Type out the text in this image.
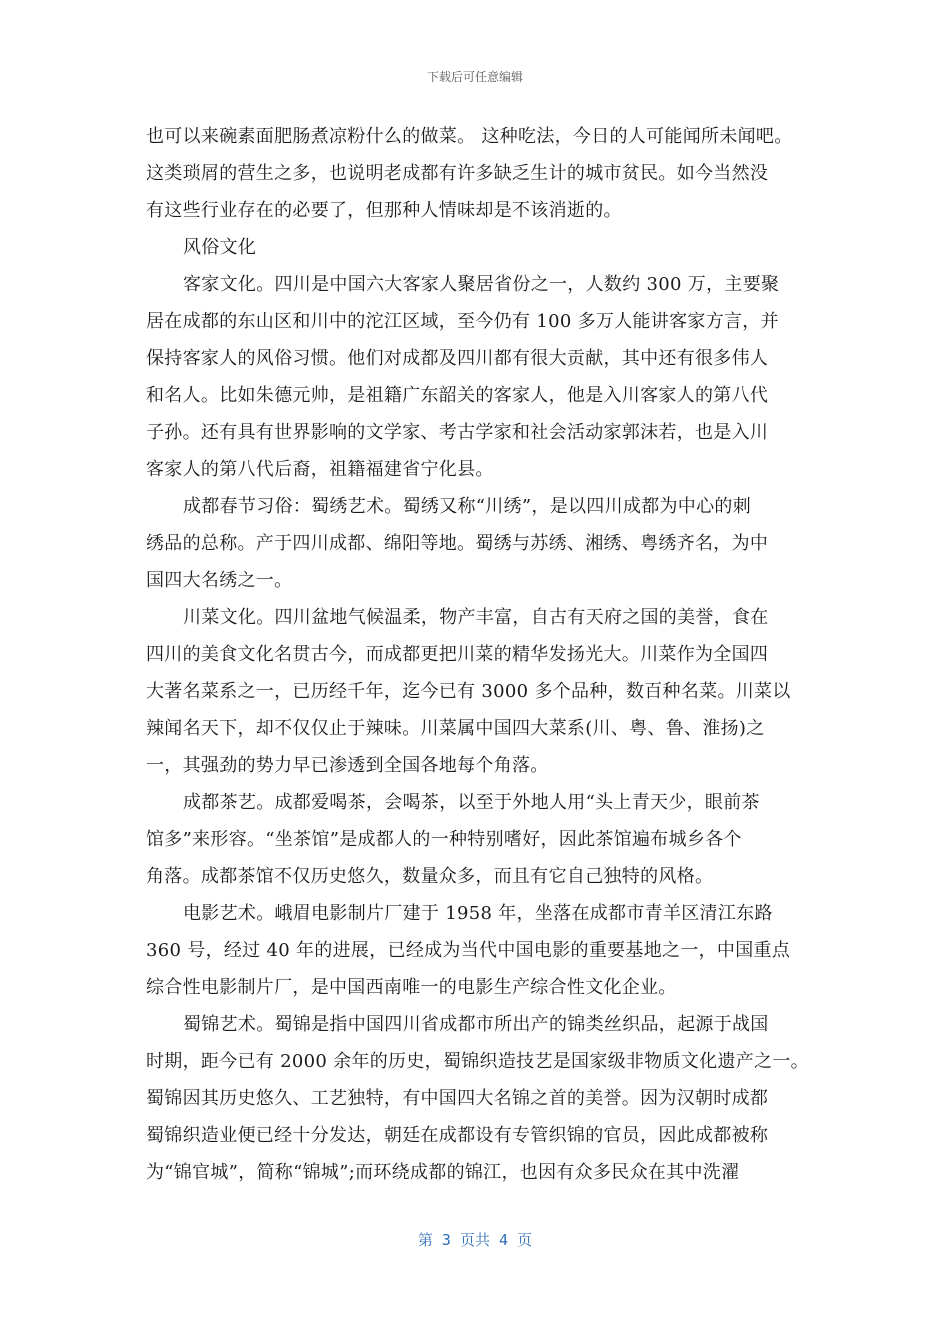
下载后可任意编辑
也可以来碗素面肥肠煮凉粉什么的做菜。 这种吃法，今日的人可能闻所未闻吧。
这类琐屑的营生之多，也说明老成都有许多缺乏生计的城市贫民。如今当然没
有这些行业存在的必要了，但那种人情味却是不该消逝的。
风俗文化
客家文化。四川是中国六大客家人聚居省份之一，人数约 300 万，主要聚
居在成都的东山区和川中的沱江区域，至今仍有 100 多万人能讲客家方言，并
保持客家人的风俗习惯。他们对成都及四川都有很大贡献，其中还有很多伟人
和名人。比如朱德元帅，是祖籍广东韶关的客家人，他是入川客家人的第八代
子孙。还有具有世界影响的文学家、考古学家和社会活动家郭沫若，也是入川
客家人的第八代后裔，祖籍福建省宁化县。
成都春节习俗：蜀绣艺术。蜀绣又称“川绣”，是以四川成都为中心的刺
绣品的总称。产于四川成都、绵阳等地。蜀绣与苏绣、湘绣、粤绣齐名，为中
国四大名绣之一。
川菜文化。四川盆地气候温柔，物产丰富，自古有天府之国的美誉，食在
四川的美食文化名贯古今，而成都更把川菜的精华发扬光大。川菜作为全国四
大著名菜系之一，已历经千年，迄今已有 3000 多个品种，数百种名菜。川菜以
辣闻名天下，却不仅仅止于辣味。川菜属中国四大菜系(川、粤、鲁、淮扬)之
一，其强劲的势力早已渗透到全国各地每个角落。
成都茶艺。成都爱喝茶，会喝茶，以至于外地人用“头上青天少，眼前茶
馆多”来形容。“坐茶馆”是成都人的一种特别嗜好，因此茶馆遍布城乡各个
角落。成都茶馆不仅历史悠久，数量众多，而且有它自己独特的风格。
电影艺术。峨眉电影制片厂建于 1958 年，坐落在成都市青羊区清江东路
360 号，经过 40 年的进展，已经成为当代中国电影的重要基地之一，中国重点
综合性电影制片厂，是中国西南唯一的电影生产综合性文化企业。
蜀锦艺术。蜀锦是指中国四川省成都市所出产的锦类丝织品，起源于战国
时期，距今已有 2000 余年的历史，蜀锦织造技艺是国家级非物质文化遗产之一。
蜀锦因其历史悠久、工艺独特，有中国四大名锦之首的美誉。因为汉朝时成都
蜀锦织造业便已经十分发达，朝廷在成都设有专管织锦的官员，因此成都被称
为“锦官城”，简称“锦城”;而环绕成都的锦江，也因有众多民众在其中洗濯
第 3 页共 4 页
